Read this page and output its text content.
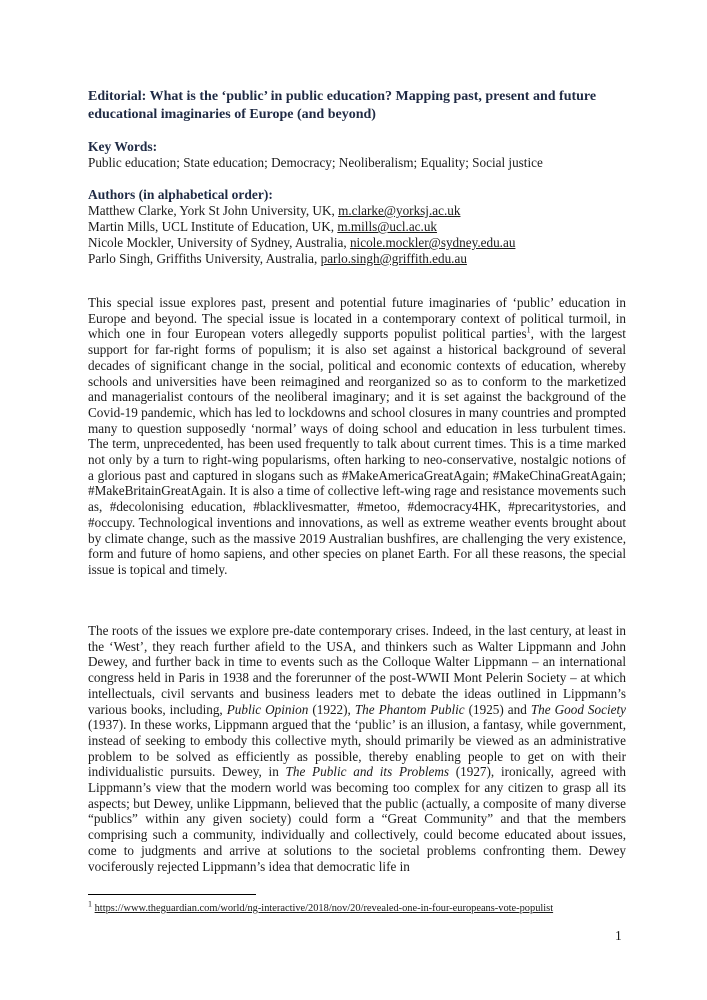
Editorial: What is the ‘public’ in public education? Mapping past, present and future educational imaginaries of Europe (and beyond)
Key Words:
Public education; State education; Democracy; Neoliberalism; Equality; Social justice
Authors (in alphabetical order):
Matthew Clarke, York St John University, UK, m.clarke@yorksj.ac.uk
Martin Mills, UCL Institute of Education, UK, m.mills@ucl.ac.uk
Nicole Mockler, University of Sydney, Australia, nicole.mockler@sydney.edu.au
Parlo Singh, Griffiths University, Australia, parlo.singh@griffith.edu.au
This special issue explores past, present and potential future imaginaries of ‘public’ education in Europe and beyond. The special issue is located in a contemporary context of political turmoil, in which one in four European voters allegedly supports populist political parties$^1$, with the largest support for far-right forms of populism; it is also set against a historical background of several decades of significant change in the social, political and economic contexts of education, whereby schools and universities have been reimagined and reorganized so as to conform to the marketized and managerialist contours of the neoliberal imaginary; and it is set against the background of the Covid-19 pandemic, which has led to lockdowns and school closures in many countries and prompted many to question supposedly ‘normal’ ways of doing school and education in less turbulent times. The term, unprecedented, has been used frequently to talk about current times. This is a time marked not only by a turn to right-wing popularisms, often harking to neo-conservative, nostalgic notions of a glorious past and captured in slogans such as #MakeAmericaGreatAgain; #MakeChinaGreatAgain; #MakeBritainGreatAgain. It is also a time of collective left-wing rage and resistance movements such as, #decolonising education, #blacklivesmatter, #metoo, #democracy4HK, #precaritystories, and #occupy. Technological inventions and innovations, as well as extreme weather events brought about by climate change, such as the massive 2019 Australian bushfires, are challenging the very existence, form and future of homo sapiens, and other species on planet Earth. For all these reasons, the special issue is topical and timely.
The roots of the issues we explore pre-date contemporary crises. Indeed, in the last century, at least in the ‘West’, they reach further afield to the USA, and thinkers such as Walter Lippmann and John Dewey, and further back in time to events such as the Colloque Walter Lippmann – an international congress held in Paris in 1938 and the forerunner of the post-WWII Mont Pelerin Society – at which intellectuals, civil servants and business leaders met to debate the ideas outlined in Lippmann’s various books, including, Public Opinion (1922), The Phantom Public (1925) and The Good Society (1937). In these works, Lippmann argued that the ‘public’ is an illusion, a fantasy, while government, instead of seeking to embody this collective myth, should primarily be viewed as an administrative problem to be solved as efficiently as possible, thereby enabling people to get on with their individualistic pursuits. Dewey, in The Public and its Problems (1927), ironically, agreed with Lippmann’s view that the modern world was becoming too complex for any citizen to grasp all its aspects; but Dewey, unlike Lippmann, believed that the public (actually, a composite of many diverse “publics” within any given society) could form a “Great Community” and that the members comprising such a community, individually and collectively, could become educated about issues, come to judgments and arrive at solutions to the societal problems confronting them. Dewey vociferously rejected Lippmann’s idea that democratic life in
$^1$ https://www.theguardian.com/world/ng-interactive/2018/nov/20/revealed-one-in-four-europeans-vote-populist
1
